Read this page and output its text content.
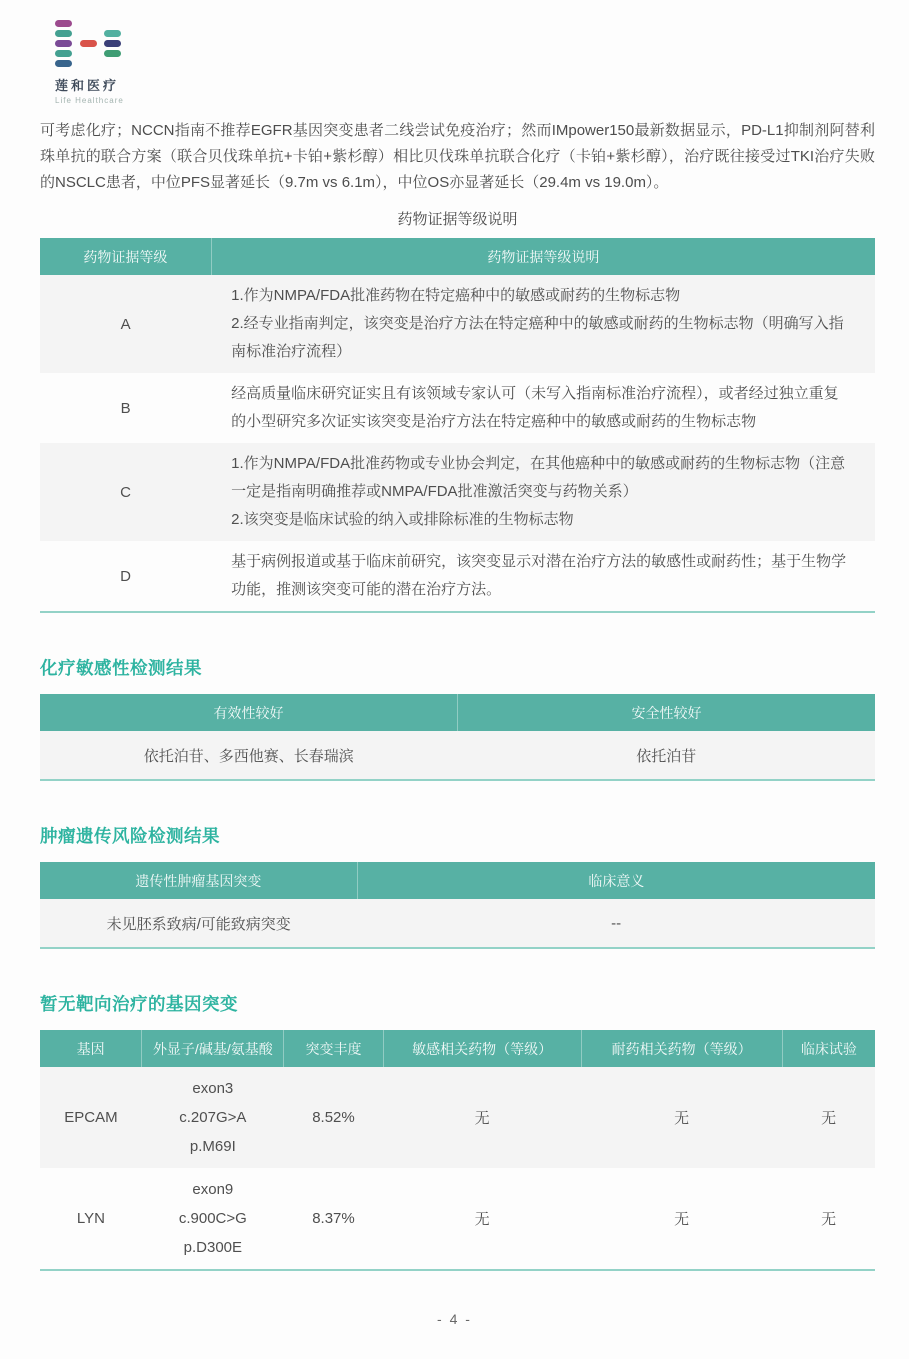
莲和医疗
Life Healthcare

可考虑化疗；NCCN指南不推荐EGFR基因突变患者二线尝试免疫治疗；然而IMpower150最新数据显示，PD-L1抑制剂阿替利珠单抗的联合方案（联合贝伐珠单抗+卡铂+紫杉醇）相比贝伐珠单抗联合化疗（卡铂+紫杉醇），治疗既往接受过TKI治疗失败的NSCLC患者，中位PFS显著延长（9.7m vs 6.1m），中位OS亦显著延长（29.4m vs 19.0m）。

药物证据等级说明
药物证据等级	药物证据等级说明
A	1.作为NMPA/FDA批准药物在特定癌种中的敏感或耐药的生物标志物
2.经专业指南判定，该突变是治疗方法在特定癌种中的敏感或耐药的生物标志物（明确写入指南标准治疗流程）

B	经高质量临床研究证实且有该领域专家认可（未写入指南标准治疗流程），或者经过独立重复的小型研究多次证实该突变是治疗方法在特定癌种中的敏感或耐药的生物标志物

C	1.作为NMPA/FDA批准药物或专业协会判定，在其他癌种中的敏感或耐药的生物标志物（注意一定是指南明确推荐或NMPA/FDA批准激活突变与药物关系）
2.该突变是临床试验的纳入或排除标准的生物标志物

D	基于病例报道或基于临床前研究，该突变显示对潜在治疗方法的敏感性或耐药性；基于生物学功能，推测该突变可能的潜在治疗方法。
化疗敏感性检测结果
有效性较好	安全性较好
依托泊苷、多西他赛、长春瑞滨	依托泊苷
肿瘤遗传风险检测结果
遗传性肿瘤基因突变	临床意义
未见胚系致病/可能致病突变	--
暂无靶向治疗的基因突变
基因	外显子/碱基/氨基酸	突变丰度	敏感相关药物（等级）	耐药相关药物（等级）	临床试验
EPCAM	exon3
c.207G>A
p.M69I	8.52%	无	无	无
LYN	exon9
c.900C>G
p.D300E	8.37%	无	无	无
- 4 -
